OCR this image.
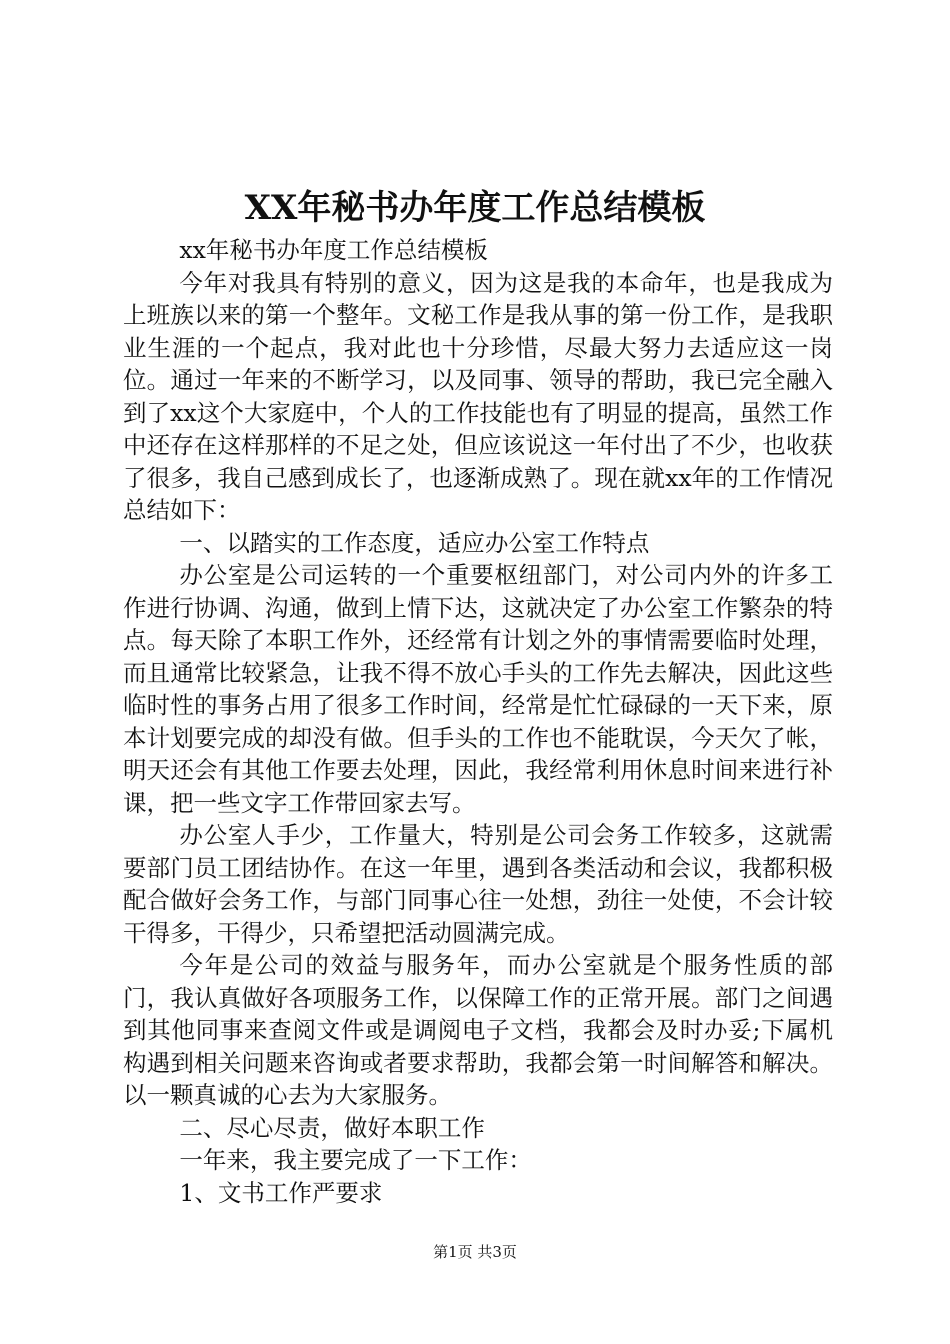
XX年秘书办年度工作总结模板

xx年秘书办年度工作总结模板

今年对我具有特别的意义，因为这是我的本命年，也是我成为上班族以来的第一个整年。文秘工作是我从事的第一份工作，是我职业生涯的一个起点，我对此也十分珍惜，尽最大努力去适应这一岗位。通过一年来的不断学习，以及同事、领导的帮助，我已完全融入到了xx这个大家庭中，个人的工作技能也有了明显的提高，虽然工作中还存在这样那样的不足之处，但应该说这一年付出了不少，也收获了很多，我自己感到成长了，也逐渐成熟了。现在就xx年的工作情况总结如下：

一、以踏实的工作态度，适应办公室工作特点

办公室是公司运转的一个重要枢纽部门，对公司内外的许多工作进行协调、沟通，做到上情下达，这就决定了办公室工作繁杂的特点。每天除了本职工作外，还经常有计划之外的事情需要临时处理，而且通常比较紧急，让我不得不放心手头的工作先去解决，因此这些临时性的事务占用了很多工作时间，经常是忙忙碌碌的一天下来，原本计划要完成的却没有做。但手头的工作也不能耽误，今天欠了帐，明天还会有其他工作要去处理，因此，我经常利用休息时间来进行补课，把一些文字工作带回家去写。

办公室人手少，工作量大，特别是公司会务工作较多，这就需要部门员工团结协作。在这一年里，遇到各类活动和会议，我都积极配合做好会务工作，与部门同事心往一处想，劲往一处使，不会计较干得多，干得少，只希望把活动圆满完成。

今年是公司的效益与服务年，而办公室就是个服务性质的部门，我认真做好各项服务工作，以保障工作的正常开展。部门之间遇到其他同事来查阅文件或是调阅电子文档，我都会及时办妥;下属机构遇到相关问题来咨询或者要求帮助，我都会第一时间解答和解决。以一颗真诚的心去为大家服务。

二、尽心尽责，做好本职工作

一年来，我主要完成了一下工作：

1、文书工作严要求

第1页 共3页
